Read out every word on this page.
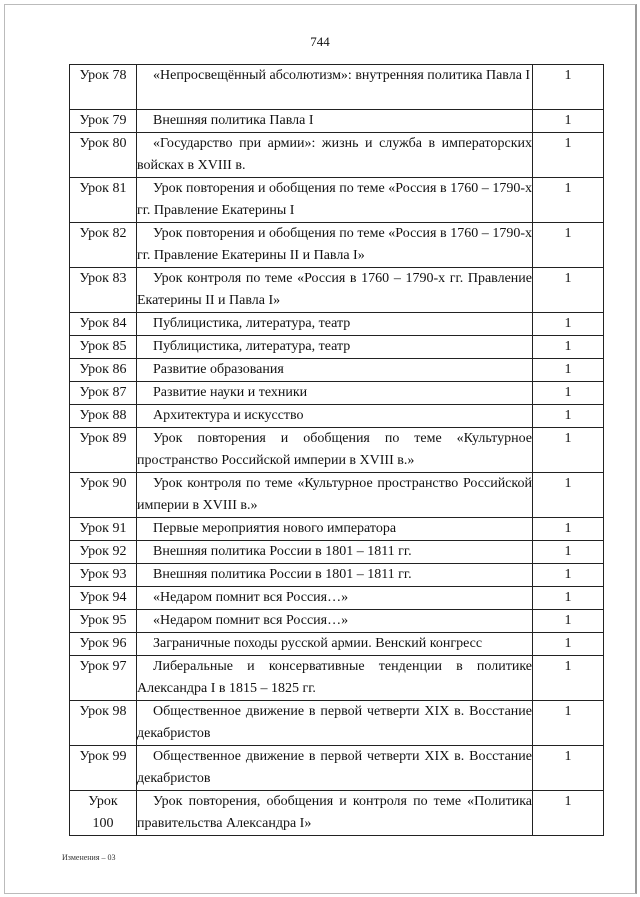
744
Урок 78	«Непросвещённый абсолютизм»: внутренняя политика Павла I	1
Урок 79	Внешняя политика Павла I	1
Урок 80	«Государство при армии»: жизнь и служба в императорских войсках в XVIII в.	1
Урок 81	Урок повторения и обобщения по теме «Россия в 1760 – 1790-х гг. Правление Екатерины I	1
Урок 82	Урок повторения и обобщения по теме «Россия в 1760 – 1790-х гг. Правление Екатерины II и Павла I»	1
Урок 83	Урок контроля по теме «Россия в 1760 – 1790-х гг. Правление Екатерины II и Павла I»	1
Урок 84	Публицистика, литература, театр	1
Урок 85	Публицистика, литература, театр	1
Урок 86	Развитие образования	1
Урок 87	Развитие науки и техники	1
Урок 88	Архитектура и искусство	1
Урок 89	Урок повторения и обобщения по теме «Культурное пространство Российской империи в XVIII в.»	1
Урок 90	Урок контроля по теме «Культурное пространство Российской империи в XVIII в.»	1
Урок 91	Первые мероприятия нового императора	1
Урок 92	Внешняя политика России в 1801 – 1811 гг.	1
Урок 93	Внешняя политика России в 1801 – 1811 гг.	1
Урок 94	«Недаром помнит вся Россия…»	1
Урок 95	«Недаром помнит вся Россия…»	1
Урок 96	Заграничные походы русской армии. Венский конгресс	1
Урок 97	Либеральные и консервативные тенденции в политике Александра I в 1815 – 1825 гг.	1
Урок 98	Общественное движение в первой четверти XIX в. Восстание декабристов	1
Урок 99	Общественное движение в первой четверти XIX в. Восстание декабристов	1
Урок 100	Урок повторения, обобщения и контроля по теме «Политика правительства Александра I»	1
Изменения – 03
